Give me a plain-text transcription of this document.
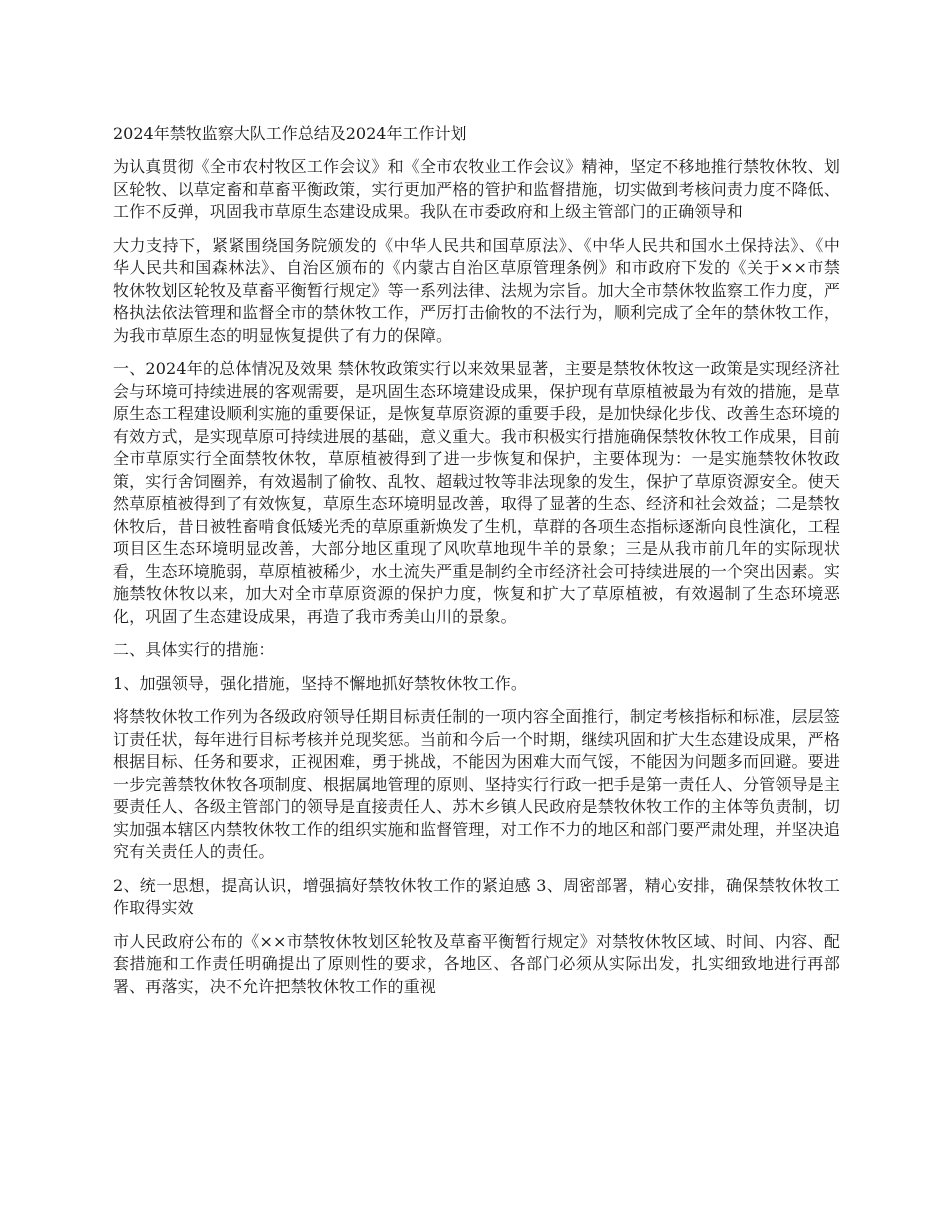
2024年禁牧监察大队工作总结及2024年工作计划

为认真贯彻《全市农村牧区工作会议》和《全市农牧业工作会议》精神，坚定不移地推行禁牧休牧、划区轮牧、以草定畜和草畜平衡政策，实行更加严格的管护和监督措施，切实做到考核问责力度不降低、工作不反弹，巩固我市草原生态建设成果。我队在市委政府和上级主管部门的正确领导和

大力支持下，紧紧围绕国务院颁发的《中华人民共和国草原法》、《中华人民共和国水土保持法》、《中华人民共和国森林法》、自治区颁布的《内蒙古自治区草原管理条例》和市政府下发的《关于××市禁牧休牧划区轮牧及草畜平衡暂行规定》等一系列法律、法规为宗旨。加大全市禁休牧监察工作力度，严格执法依法管理和监督全市的禁休牧工作，严厉打击偷牧的不法行为，顺利完成了全年的禁休牧工作，为我市草原生态的明显恢复提供了有力的保障。

一、2024年的总体情况及效果 禁休牧政策实行以来效果显著，主要是禁牧休牧这一政策是实现经济社会与环境可持续进展的客观需要，是巩固生态环境建设成果，保护现有草原植被最为有效的措施，是草原生态工程建设顺利实施的重要保证，是恢复草原资源的重要手段，是加快绿化步伐、改善生态环境的有效方式，是实现草原可持续进展的基础，意义重大。我市积极实行措施确保禁牧休牧工作成果，目前全市草原实行全面禁牧休牧，草原植被得到了进一步恢复和保护，主要体现为：一是实施禁牧休牧政策，实行舍饲圈养，有效遏制了偷牧、乱牧、超载过牧等非法现象的发生，保护了草原资源安全。使天然草原植被得到了有效恢复，草原生态环境明显改善，取得了显著的生态、经济和社会效益；二是禁牧休牧后，昔日被牲畜啃食低矮光秃的草原重新焕发了生机，草群的各项生态指标逐渐向良性演化，工程项目区生态环境明显改善，大部分地区重现了风吹草地现牛羊的景象；三是从我市前几年的实际现状看，生态环境脆弱，草原植被稀少，水土流失严重是制约全市经济社会可持续进展的一个突出因素。实施禁牧休牧以来，加大对全市草原资源的保护力度，恢复和扩大了草原植被，有效遏制了生态环境恶化，巩固了生态建设成果，再造了我市秀美山川的景象。

二、具体实行的措施：

1、加强领导，强化措施，坚持不懈地抓好禁牧休牧工作。

将禁牧休牧工作列为各级政府领导任期目标责任制的一项内容全面推行，制定考核指标和标准，层层签订责任状，每年进行目标考核并兑现奖惩。当前和今后一个时期，继续巩固和扩大生态建设成果，严格根据目标、任务和要求，正视困难，勇于挑战，不能因为困难大而气馁，不能因为问题多而回避。要进一步完善禁牧休牧各项制度、根据属地管理的原则、坚持实行行政一把手是第一责任人、分管领导是主要责任人、各级主管部门的领导是直接责任人、苏木乡镇人民政府是禁牧休牧工作的主体等负责制，切实加强本辖区内禁牧休牧工作的组织实施和监督管理，对工作不力的地区和部门要严肃处理，并坚决追究有关责任人的责任。

2、统一思想，提高认识，增强搞好禁牧休牧工作的紧迫感 3、周密部署，精心安排，确保禁牧休牧工作取得实效

市人民政府公布的《××市禁牧休牧划区轮牧及草畜平衡暂行规定》对禁牧休牧区域、时间、内容、配套措施和工作责任明确提出了原则性的要求，各地区、各部门必须从实际出发，扎实细致地进行再部署、再落实，决不允许把禁牧休牧工作的重视
